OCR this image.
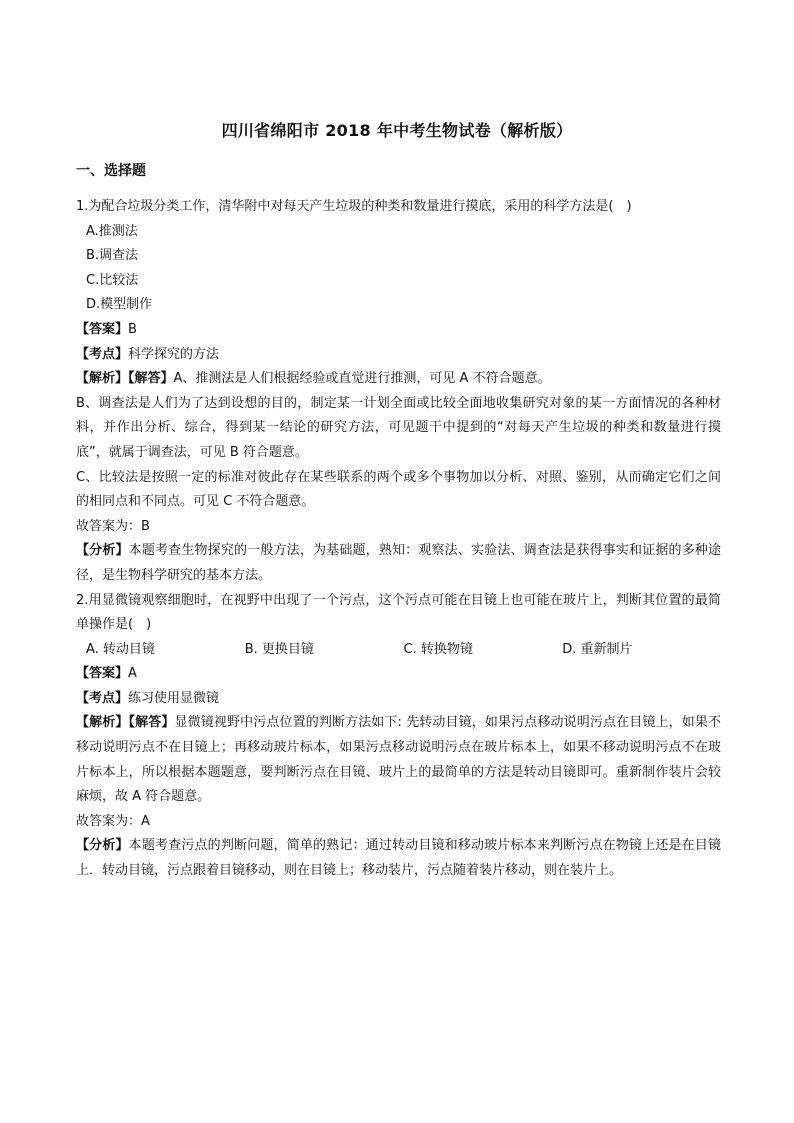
四川省绵阳市 2018 年中考生物试卷（解析版）
一、选择题

1.为配合垃圾分类工作，清华附中对每天产生垃圾的种类和数量进行摸底，采用的科学方法是(　)

A.推测法

B.调查法

C.比较法

D.模型制作

【答案】B

【考点】科学探究的方法

【解析】【解答】A、推测法是人们根据经验或直觉进行推测，可见 A 不符合题意。

B、调查法是人们为了达到设想的目的，制定某一计划全面或比较全面地收集研究对象的某一方面情况的各种材料，并作出分析、综合，得到某一结论的研究方法，可见题干中提到的“对每天产生垃圾的种类和数量进行摸底”，就属于调查法，可见 B 符合题意。

C、比较法是按照一定的标准对彼此存在某些联系的两个或多个事物加以分析、对照、鉴别，从而确定它们之间的相同点和不同点。可见 C 不符合题意。

故答案为：B

【分析】本题考查生物探究的一般方法，为基础题，熟知：观察法、实验法、调查法是获得事实和证据的多种途径，是生物科学研究的基本方法。

2.用显微镜观察细胞时，在视野中出现了一个污点，这个污点可能在目镜上也可能在玻片上，判断其位置的最简单操作是(　)

A. 转动目镜	B. 更换目镜	C. 转换物镜	D. 重新制片

【答案】A

【考点】练习使用显微镜

【解析】【解答】显微镜视野中污点位置的判断方法如下: 先转动目镜，如果污点移动说明污点在目镜上，如果不移动说明污点不在目镜上；再移动玻片标本，如果污点移动说明污点在玻片标本上，如果不移动说明污点不在玻片标本上，所以根据本题题意，要判断污点在目镜、玻片上的最简单的方法是转动目镜即可。重新制作装片会较麻烦，故 A 符合题意。

故答案为：A

【分析】本题考查污点的判断问题，简单的熟记：通过转动目镜和移动玻片标本来判断污点在物镜上还是在目镜上．转动目镜，污点跟着目镜移动，则在目镜上；移动装片，污点随着装片移动，则在装片上。
